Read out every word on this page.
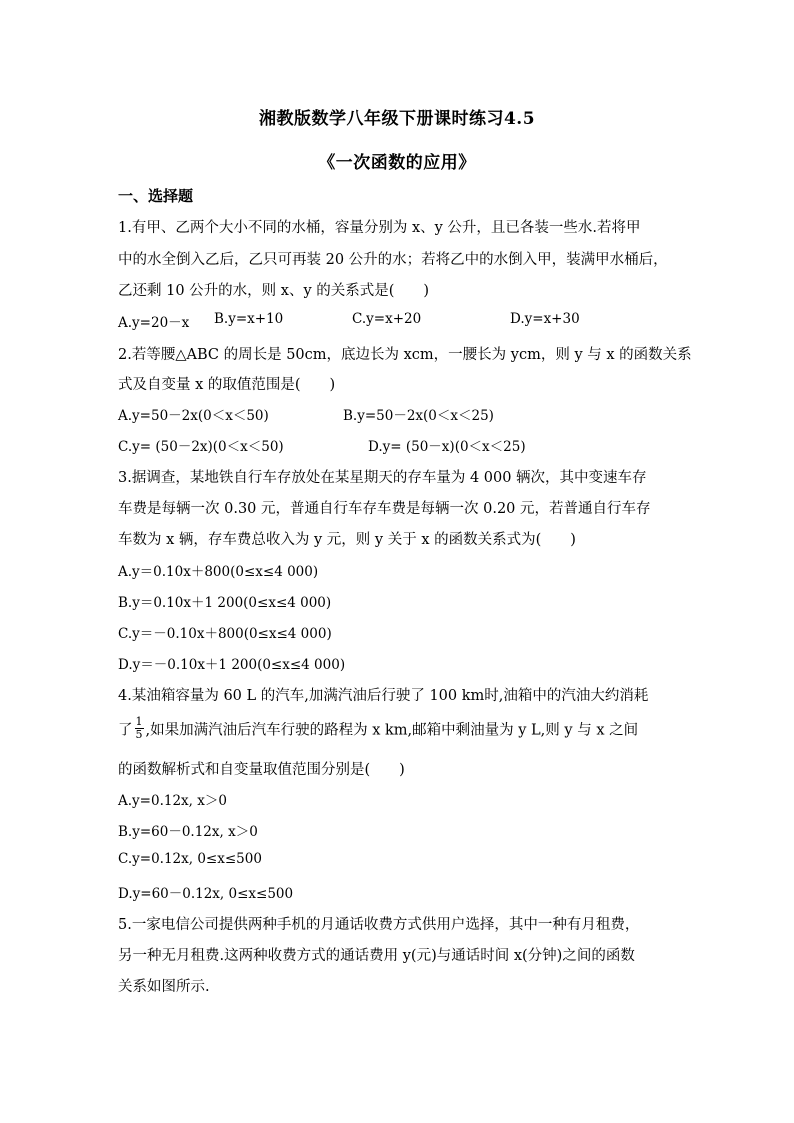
湘教版数学八年级下册课时练习4.5
《一次函数的应用》
一、选择题
1.有甲、乙两个大小不同的水桶，容量分别为 x、y 公升，且已各装一些水.若将甲
中的水全倒入乙后，乙只可再装 20 公升的水；若将乙中的水倒入甲，装满甲水桶后，
乙还剩 10 公升的水，则 x、y 的关系式是(　　)
A.y=20－x B.y=x+10	C.y=x+20	D.y=x+30
2.若等腰△ABC 的周长是 50cm，底边长为 xcm，一腰长为 ycm，则 y 与 x 的函数关系
式及自变量 x 的取值范围是(　　)
A.y=50－2x(0＜x＜50)	B.y=50－2x(0＜x＜25)
C.y= (50－2x)(0＜x＜50)	D.y= (50－x)(0＜x＜25)
3.据调查，某地铁自行车存放处在某星期天的存车量为 4 000 辆次，其中变速车存
车费是每辆一次 0.30 元，普通自行车存车费是每辆一次 0.20 元，若普通自行车存
车数为 x 辆，存车费总收入为 y 元，则 y 关于 x 的函数关系式为(　　)
A.y＝0.10x＋800(0≤x≤4 000)
B.y＝0.10x＋1 200(0≤x≤4 000)
C.y＝－0.10x＋800(0≤x≤4 000)
D.y＝－0.10x＋1 200(0≤x≤4 000)
4.某油箱容量为 60 L 的汽车,加满汽油后行驶了 100 km时,油箱中的汽油大约消耗
了 $\frac{1}{5}$ ,如果加满汽油后汽车行驶的路程为 x km,邮箱中剩油量为 y L,则 y 与 x 之间
的函数解析式和自变量取值范围分别是(　　)
A.y=0.12x, x＞0
B.y=60－0.12x, x＞0
C.y=0.12x, 0≤x≤500
D.y=60－0.12x, 0≤x≤500
5.一家电信公司提供两种手机的月通话收费方式供用户选择，其中一种有月租费，
另一种无月租费.这两种收费方式的通话费用 y(元)与通话时间 x(分钟)之间的函数
关系如图所示.
